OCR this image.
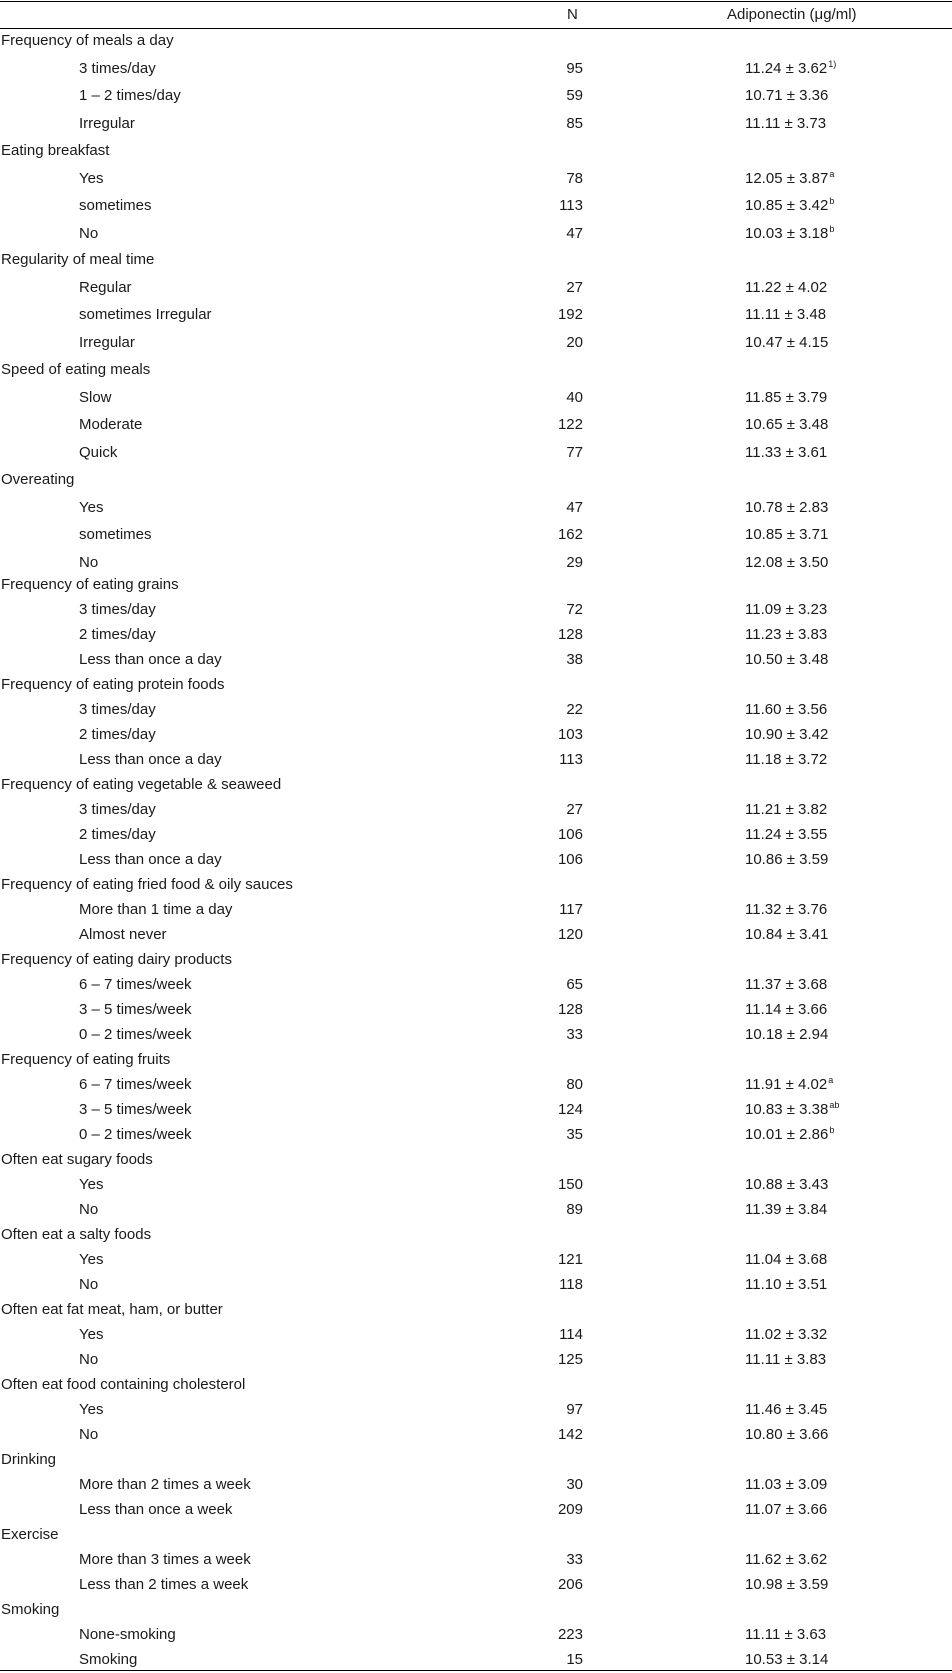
N	Adiponectin (μg/ml)
Frequency of meals a day
3 times/day	95	$11.24 \pm 3.62^{1)}$
1 – 2 times/day	59	10.71 ± 3.36
Irregular	85	11.11 ± 3.73
Eating breakfast
Yes	78	12.05 ± 3.87$^a$
sometimes	113	10.85 ± 3.42$^b$
No	47	10.03 ± 3.18$^b$
Regularity of meal time
Regular	27	11.22 ± 4.02
sometimes Irregular	192	11.11 ± 3.48
Irregular	20	10.47 ± 4.15
Speed of eating meals
Slow	40	11.85 ± 3.79
Moderate	122	10.65 ± 3.48
Quick	77	11.33 ± 3.61
Overeating
Yes	47	10.78 ± 2.83
sometimes	162	10.85 ± 3.71
No	29	12.08 ± 3.50
Frequency of eating grains
3 times/day	72	11.09 ± 3.23
2 times/day	128	11.23 ± 3.83
Less than once a day	38	10.50 ± 3.48
Frequency of eating protein foods
3 times/day	22	11.60 ± 3.56
2 times/day	103	10.90 ± 3.42
Less than once a day	113	11.18 ± 3.72
Frequency of eating vegetable & seaweed
3 times/day	27	11.21 ± 3.82
2 times/day	106	11.24 ± 3.55
Less than once a day	106	10.86 ± 3.59
Frequency of eating fried food & oily sauces
More than 1 time a day	117	11.32 ± 3.76
Almost never	120	10.84 ± 3.41
Frequency of eating dairy products
6 – 7 times/week	65	11.37 ± 3.68
3 – 5 times/week	128	11.14 ± 3.66
0 – 2 times/week	33	10.18 ± 2.94
Frequency of eating fruits
6 – 7 times/week	80	11.91 ± 4.02$^a$
3 – 5 times/week	124	10.83 ± 3.38$^{ab}$
0 – 2 times/week	35	10.01 ± 2.86$^b$
Often eat sugary foods
Yes	150	10.88 ± 3.43
No	89	11.39 ± 3.84
Often eat a salty foods
Yes	121	11.04 ± 3.68
No	118	11.10 ± 3.51
Often eat fat meat, ham, or butter
Yes	114	11.02 ± 3.32
No	125	11.11 ± 3.83
Often eat food containing cholesterol
Yes	97	11.46 ± 3.45
No	142	10.80 ± 3.66
Drinking
More than 2 times a week	30	11.03 ± 3.09
Less than once a week	209	11.07 ± 3.66
Exercise
More than 3 times a week	33	11.62 ± 3.62
Less than 2 times a week	206	10.98 ± 3.59
Smoking
None-smoking	223	11.11 ± 3.63
Smoking	15	10.53 ± 3.14
